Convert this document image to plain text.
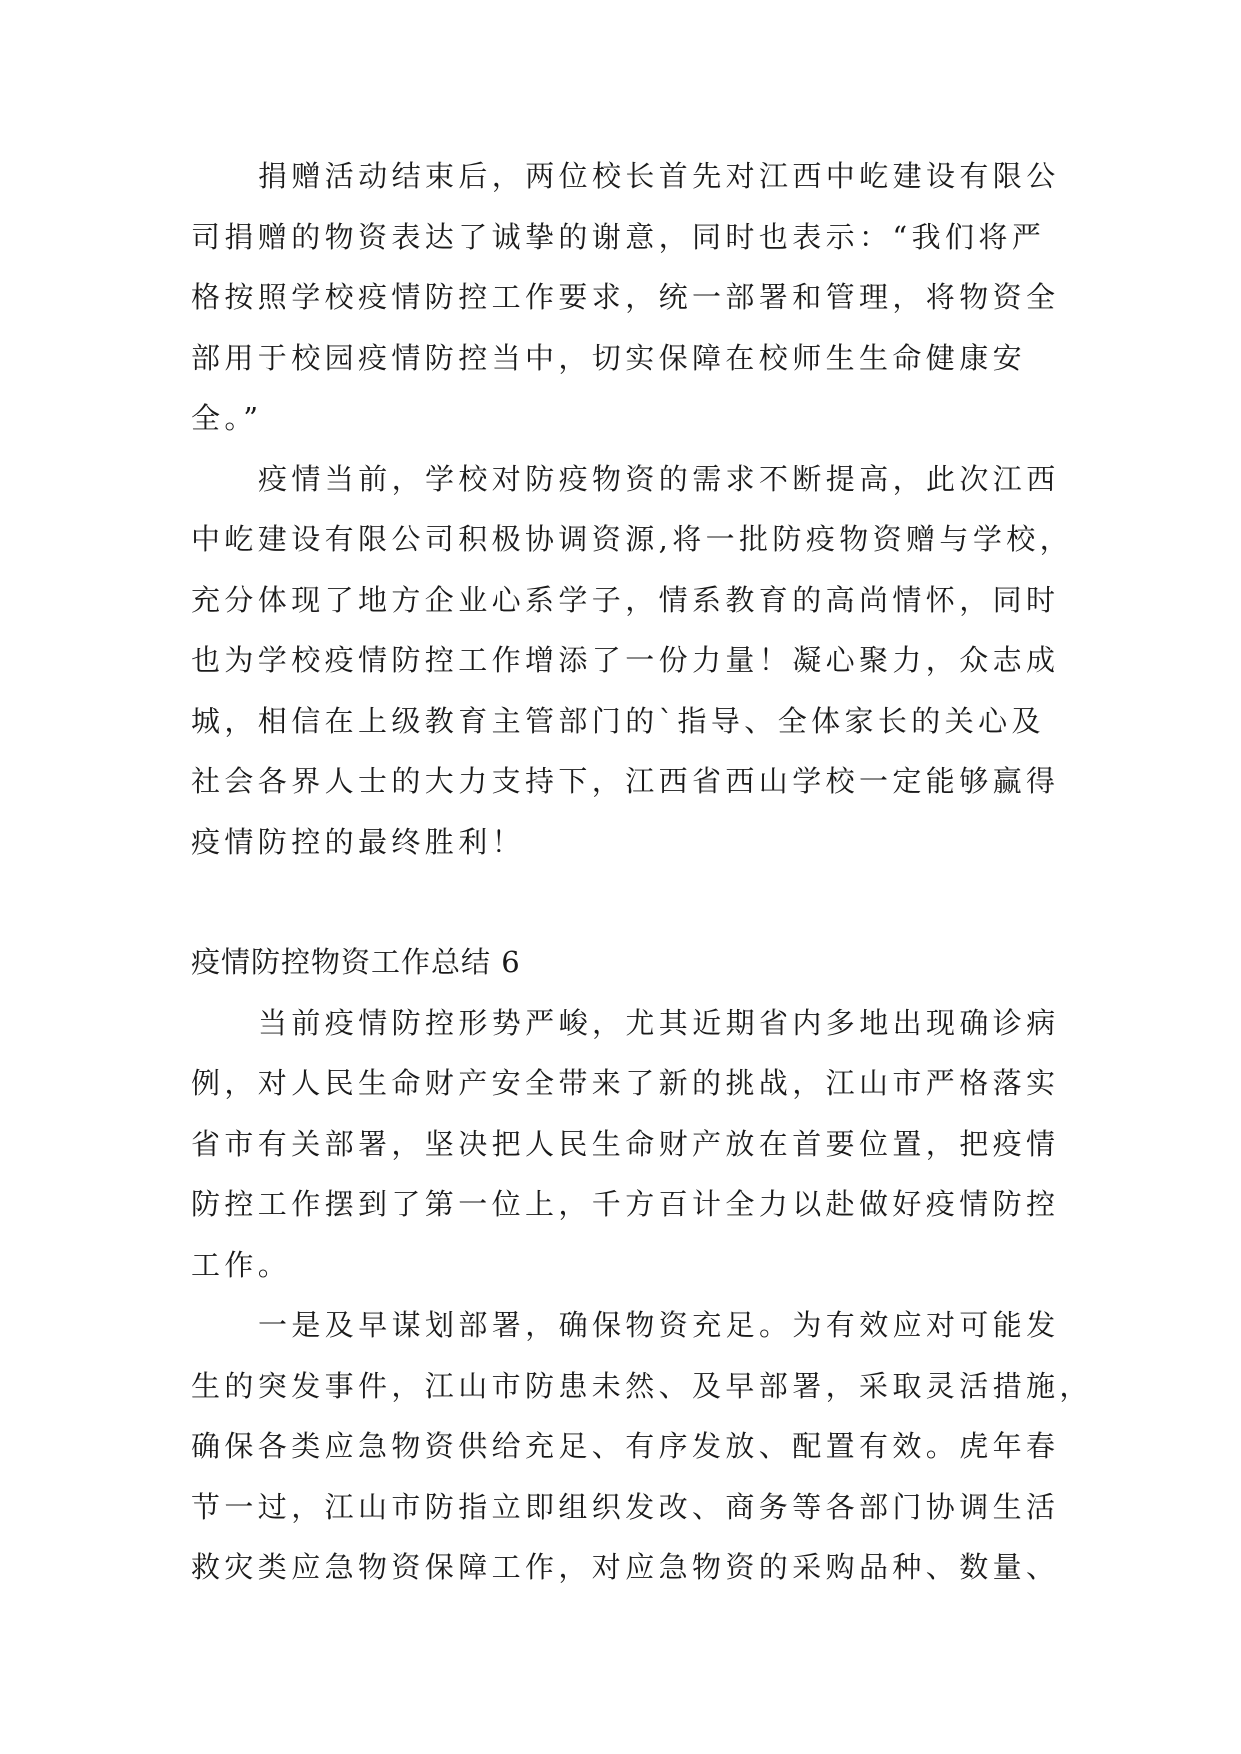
捐赠活动结束后，两位校长首先对江西中屹建设有限公
司捐赠的物资表达了诚挚的谢意，同时也表示：“我们将严
格按照学校疫情防控工作要求，统一部署和管理，将物资全
部用于校园疫情防控当中，切实保障在校师生生命健康安
全。”
疫情当前，学校对防疫物资的需求不断提高，此次江西
中屹建设有限公司积极协调资源,将一批防疫物资赠与学校，
充分体现了地方企业心系学子，情系教育的高尚情怀，同时
也为学校疫情防控工作增添了一份力量！凝心聚力，众志成
城，相信在上级教育主管部门的`指导、全体家长的关心及
社会各界人士的大力支持下，江西省西山学校一定能够赢得
疫情防控的最终胜利！
疫情防控物资工作总结 6
当前疫情防控形势严峻，尤其近期省内多地出现确诊病
例，对人民生命财产安全带来了新的挑战，江山市严格落实
省市有关部署，坚决把人民生命财产放在首要位置，把疫情
防控工作摆到了第一位上，千方百计全力以赴做好疫情防控
工作。
一是及早谋划部署，确保物资充足。为有效应对可能发
生的突发事件，江山市防患未然、及早部署，采取灵活措施，
确保各类应急物资供给充足、有序发放、配置有效。虎年春
节一过，江山市防指立即组织发改、商务等各部门协调生活
救灾类应急物资保障工作，对应急物资的采购品种、数量、
